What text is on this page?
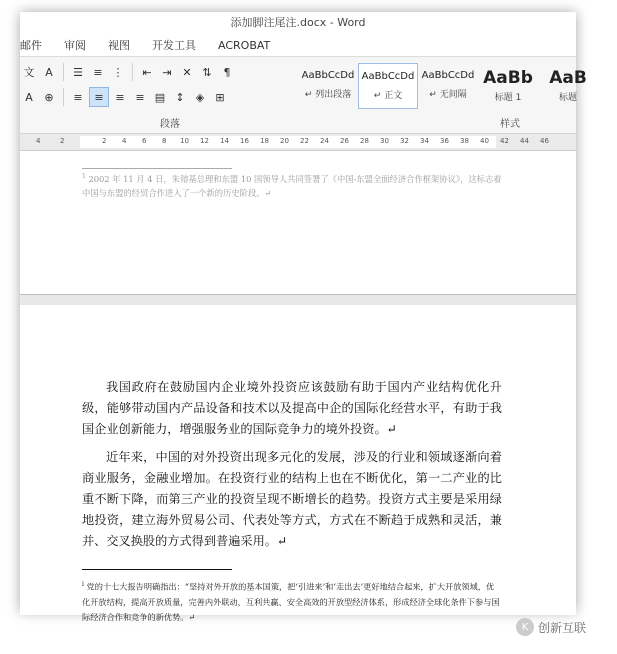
添加脚注尾注.docx - Word
邮件 审阅 视图 开发工具 ACROBAT
文 A	☰ ≡ ⋮	⇤ ⇥ ✕ ⇅	¶
A	⊕	≡	≡	≡ ≡ ▤ ↕	◈	⊞
段落	样式
AaBbCcDd
↵ 列出段落
AaBbCcDd
↵ 正文
AaBbCcDd
↵ 无间隔
AaBb
标题 1
AaB
标题
4	2	2 4 6 8 10 12 14 16 18 20 22 24 26 28 30 32 34 36 38 40 42 44 46
$^1$ 2002 年 11 月 4 日，朱镕基总理和东盟 10 国领导人共同签署了《中国-东盟全面经济合作框架协议》，这标志着中国与东盟的经贸合作进入了一个新的历史阶段。↵
我国政府在鼓励国内企业境外投资应该鼓励有助于国内产业结构优化升级，能够带动国内产品设备和技术以及提高中企的国际化经营水平，有助于我国企业创新能力，增强服务业的国际竞争力的境外投资。↵
近年来，中国的对外投资出现多元化的发展，涉及的行业和领域逐渐向着商业服务，金融业增加。在投资行业的结构上也在不断优化，第一二产业的比重不断下降，而第三产业的投资呈现不断增长的趋势。投资方式主要是采用绿地投资，建立海外贸易公司、代表处等方式，方式在不断趋于成熟和灵活，兼并、交叉换股的方式得到普遍采用。↵
$^i$ 党的十七大报告明确指出：“坚持对外开放的基本国策，把‘引进来’和‘走出去’更好地结合起来，扩大开放领域，优化开放结构，提高开放质量，完善内外联动，互利共赢、安全高效的开放型经济体系，形成经济全球化条件下参与国际经济合作和竞争的新优势。↵
K 创新互联
